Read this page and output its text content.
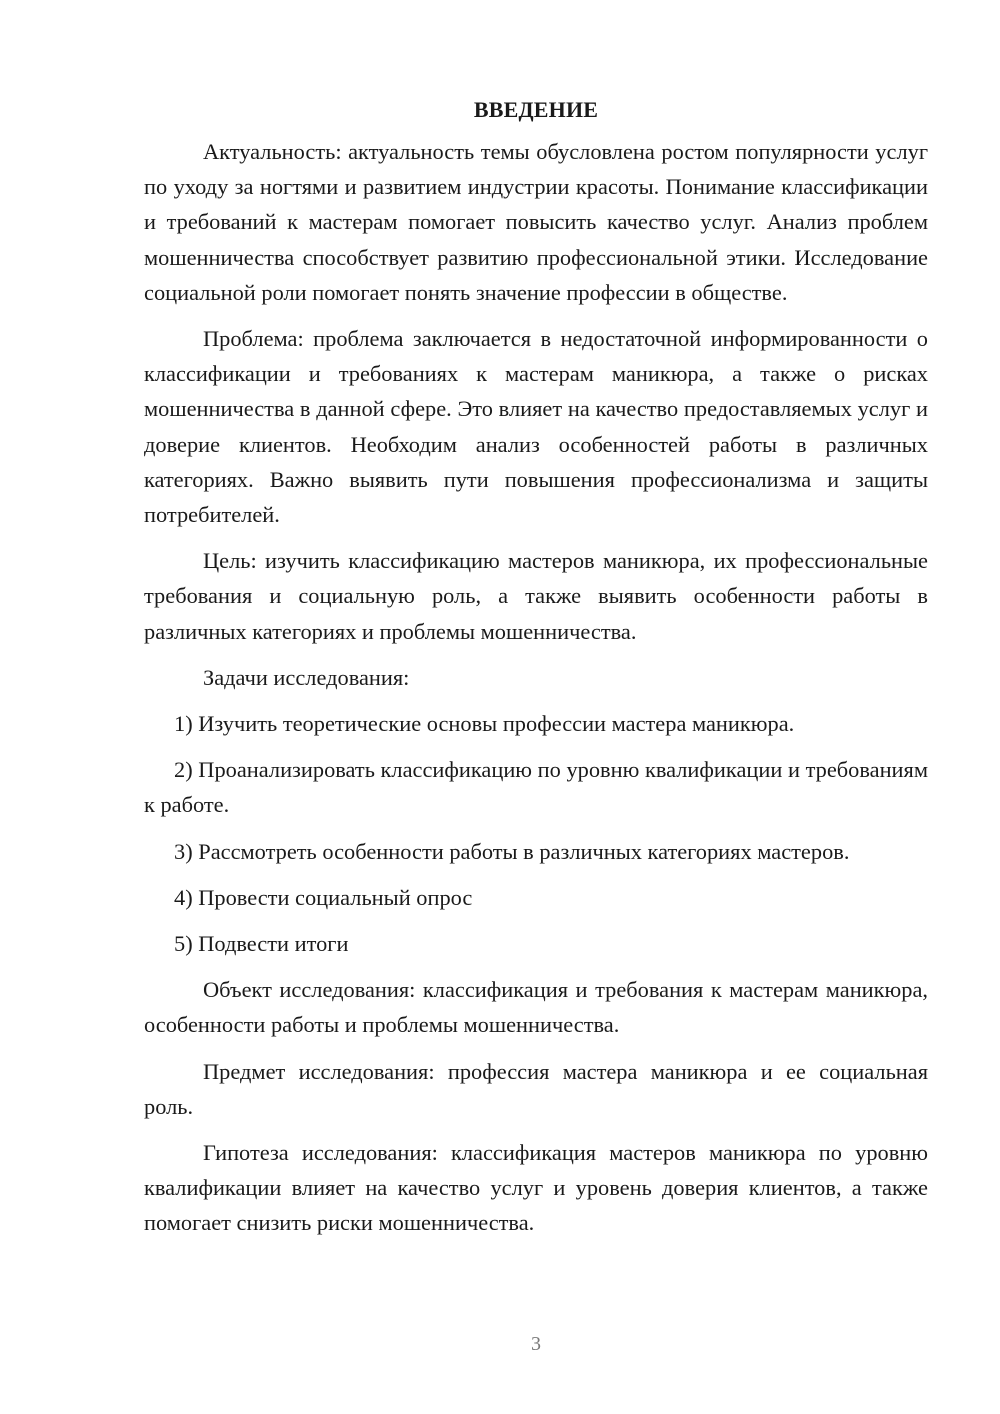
ВВЕДЕНИЕ

Актуальность: актуальность темы обусловлена ростом популярности услуг по уходу за ногтями и развитием индустрии красоты. Понимание классификации и требований к мастерам помогает повысить качество услуг. Анализ проблем мошенничества способствует развитию профессиональной этики. Исследование социальной роли помогает понять значение профессии в обществе.

Проблема: проблема заключается в недостаточной информированности о классификации и требованиях к мастерам маникюра, а также о рисках мошенничества в данной сфере. Это влияет на качество предоставляемых услуг и доверие клиентов. Необходим анализ особенностей работы в различных категориях. Важно выявить пути повышения профессионализма и защиты потребителей.

Цель: изучить классификацию мастеров маникюра, их профессиональные требования и социальную роль, а также выявить особенности работы в различных категориях и проблемы мошенничества.

Задачи исследования:

1) Изучить теоретические основы профессии мастера маникюра.

2) Проанализировать классификацию по уровню квалификации и требованиям к работе.

3) Рассмотреть особенности работы в различных категориях мастеров.

4) Провести социальный опрос

5) Подвести итоги

Объект исследования: классификация и требования к мастерам маникюра, особенности работы и проблемы мошенничества.

Предмет исследования: профессия мастера маникюра и ее социальная роль.

Гипотеза исследования: классификация мастеров маникюра по уровню квалификации влияет на качество услуг и уровень доверия клиентов, а также помогает снизить риски мошенничества.

3
